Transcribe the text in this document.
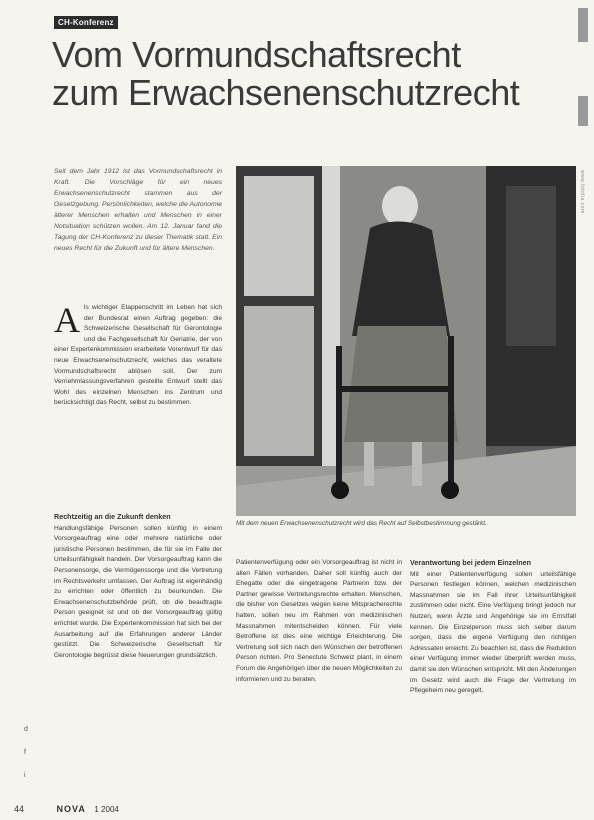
CH-Konferenz
Vom Vormundschaftsrecht
zum Erwachsenenschutzrecht
www.fotolia.com

Seit dem Jahr 1912 ist das Vormundschaftsrecht in Kraft. Die Vorschläge für ein neues Erwachsenenschutzrecht stammen aus der Gesetzgebung. Persönlichkeiten, welche die Autonomie älterer Menschen erhalten und Menschen in einer Notsituation schützen wollen. Am 12. Januar fand die Tagung der CH-Konferenz zu dieser Thematik statt. Ein neues Recht für die Zukunft und für ältere Menschen.

A ls wichtiger Etappenschritt im Leben hat sich der Bundesrat einen Auftrag gegeben: die Schweizerische Gesellschaft für Gerontologie und die Fachgesellschaft für Geriatrie, der von einer Expertenkommission erarbeitete Vorentwurf für das neue Erwachsenenschutzrecht, welches das veraltete Vormundschaftsrecht ablösen soll. Der zum Vernehmlassungsverfahren gestellte Entwurf stellt das Wohl des einzelnen Menschen ins Zentrum und berücksichtigt das Recht, selbst zu bestimmen.
Rechtzeitig an die Zukunft denken
Handlungsfähige Personen sollen künftig in einem Vorsorgeauftrag eine oder mehrere natürliche oder juristische Personen bestimmen, die für sie im Falle der Urteilsunfähigkeit handeln. Der Vorsorgeauftrag kann die Personensorge, die Vermögenssorge und die Vertretung im Rechtsverkehr umfassen. Der Auftrag ist eigenhändig zu errichten oder öffentlich zu beurkunden. Die Erwachsenenschutzbehörde prüft, ob die beauftragte Person geeignet ist und ob der Vorsorgeauftrag gültig errichtet wurde. Die Expertenkommission hat sich bei der Ausarbeitung auf die Erfahrungen anderer Länder gestützt. Die Schweizerische Gesellschaft für Gerontologie begrüsst diese Neuerungen grundsätzlich.

Mit dem neuen Erwachsenenschutzrecht wird das Recht auf Selbstbestimmung gestärkt.

Patientenverfügung oder ein Vorsorgeauftrag ist nicht in allen Fällen vorhanden. Daher soll künftig auch der Ehegatte oder die eingetragene Partnerin bzw. der Partner gewisse Vertretungsrechte erhalten. Menschen, die bisher von Gesetzes wegen keine Mitspracherechte hatten, sollen neu im Rahmen von medizinischen Massnahmen mitentscheiden können. Für viele Betroffene ist dies eine wichtige Erleichterung. Die Vertretung soll sich nach den Wünschen der betroffenen Person richten. Pro Senectute Schweiz plant, in einem Forum die Angehörigen über die neuen Möglichkeiten zu informieren und zu beraten.
Verantwortung bei jedem Einzelnen
Mit einer Patientenverfügung sollen urteilsfähige Personen festlegen können, welchen medizinischen Massnahmen sie im Fall ihrer Urteilsunfähigkeit zustimmen oder nicht. Eine Verfügung bringt jedoch nur Nutzen, wenn Ärzte und Angehörige sie im Ernstfall kennen. Die Einzelperson muss sich selber darum sorgen, dass die eigene Verfügung den richtigen Adressaten erreicht. Zu beachten ist, dass die Reduktion einer Verfügung immer wieder überprüft werden muss, damit sie den Wünschen entspricht. Mit den Änderungen im Gesetz wird auch die Frage der Vertretung im Pflegeheim neu geregelt.
d
f
i
44	NOVA 1 2004
